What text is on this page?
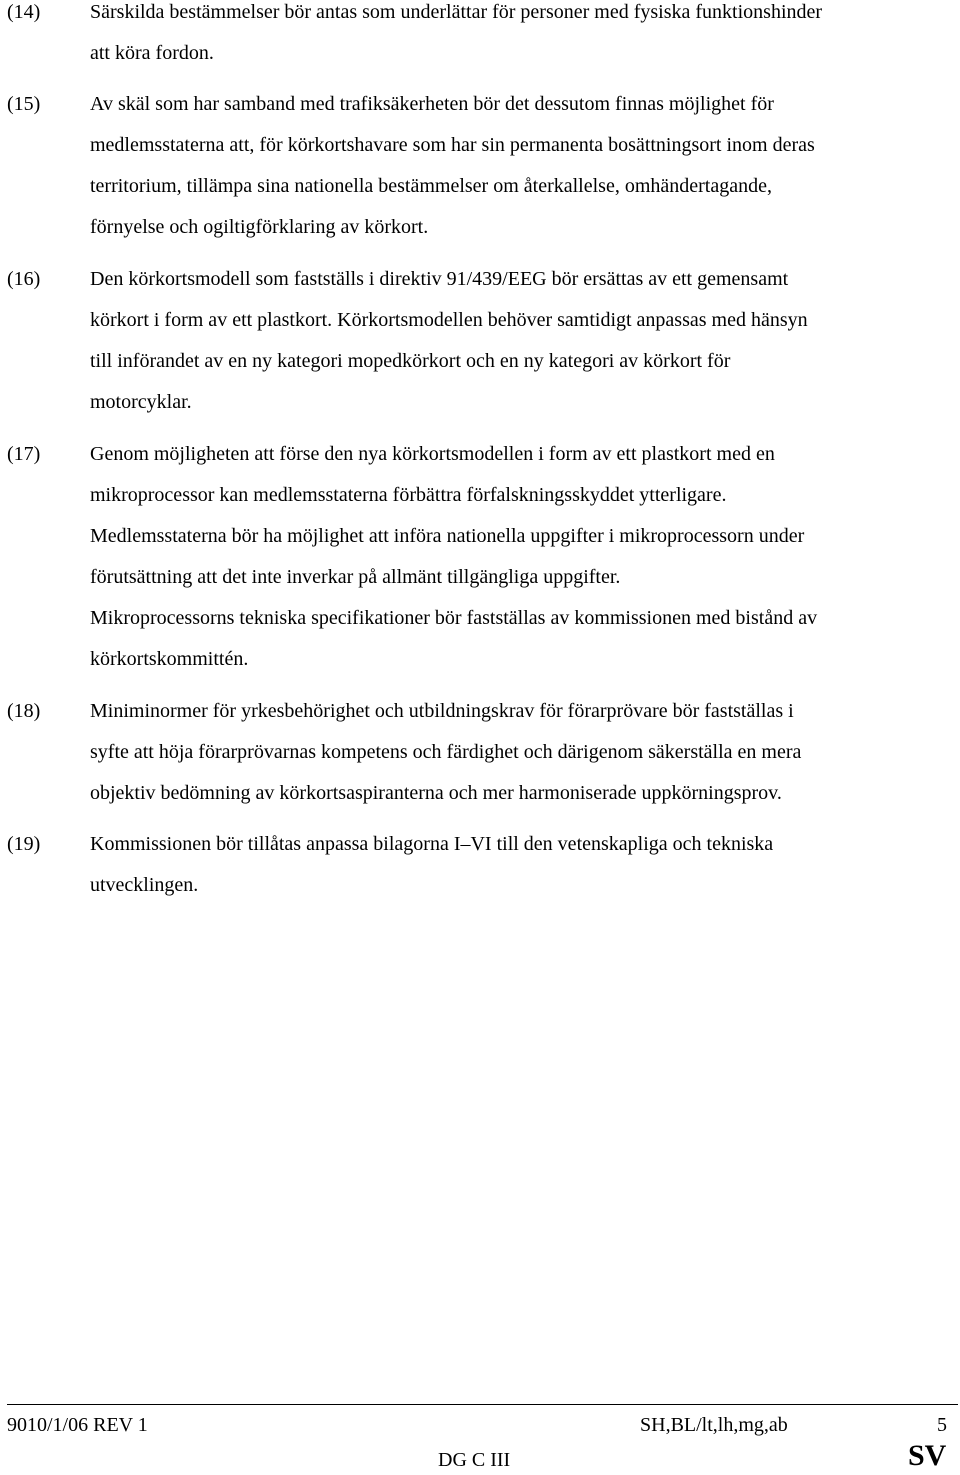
(14) Särskilda bestämmelser bör antas som underlättar för personer med fysiska funktionshinder
att köra fordon.
(15) Av skäl som har samband med trafiksäkerheten bör det dessutom finnas möjlighet för
medlemsstaterna att, för körkortshavare som har sin permanenta bosättningsort inom deras
territorium, tillämpa sina nationella bestämmelser om återkallelse, omhändertagande,
förnyelse och ogiltigförklaring av körkort.
(16) Den körkortsmodell som fastställs i direktiv 91/439/EEG bör ersättas av ett gemensamt
körkort i form av ett plastkort. Körkortsmodellen behöver samtidigt anpassas med hänsyn
till införandet av en ny kategori mopedkörkort och en ny kategori av körkort för
motorcyklar.
(17) Genom möjligheten att förse den nya körkortsmodellen i form av ett plastkort med en
mikroprocessor kan medlemsstaterna förbättra förfalskningsskyddet ytterligare.
Medlemsstaterna bör ha möjlighet att införa nationella uppgifter i mikroprocessorn under
förutsättning att det inte inverkar på allmänt tillgängliga uppgifter.
Mikroprocessorns tekniska specifikationer bör fastställas av kommissionen med bistånd av
körkortskommittén.
(18) Miniminormer för yrkesbehörighet och utbildningskrav för förarprövare bör fastställas i
syfte att höja förarprövarnas kompetens och färdighet och därigenom säkerställa en mera
objektiv bedömning av körkortsaspiranterna och mer harmoniserade uppkörningsprov.
(19) Kommissionen bör tillåtas anpassa bilagorna I–VI till den vetenskapliga och tekniska
utvecklingen.
9010/1/06 REV 1	SH,BL/lt,lh,mg,ab	5
DG C III	SV
